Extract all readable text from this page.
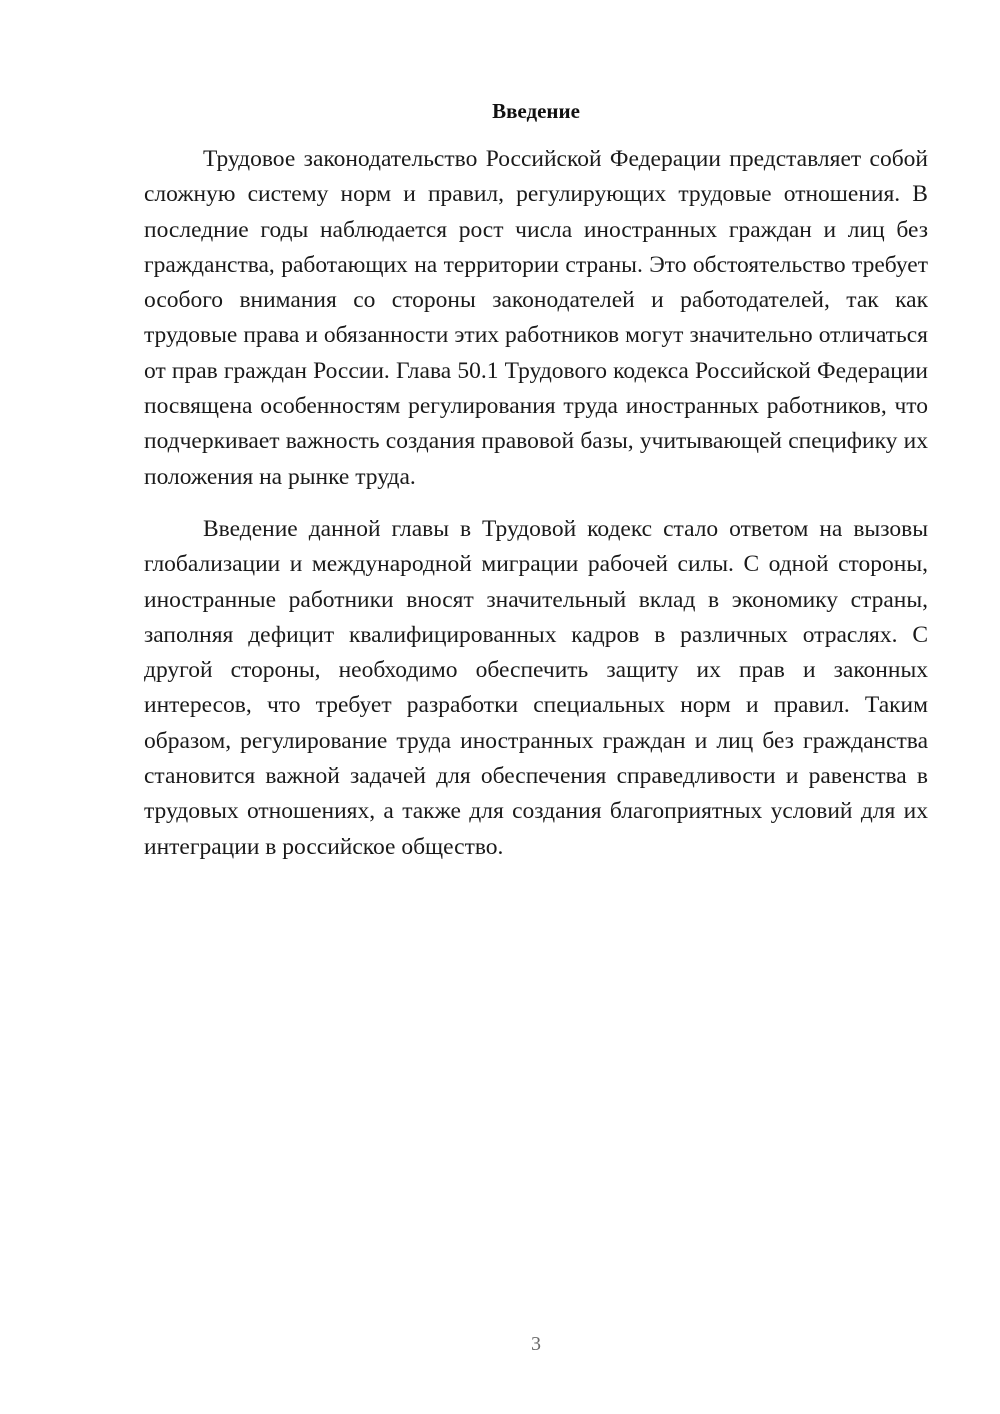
Введение

Трудовое законодательство Российской Федерации представляет собой сложную систему норм и правил, регулирующих трудовые отношения. В последние годы наблюдается рост числа иностранных граждан и лиц без гражданства, работающих на территории страны. Это обстоятельство требует особого внимания со стороны законодателей и работодателей, так как трудовые права и обязанности этих работников могут значительно отличаться от прав граждан России. Глава 50.1 Трудового кодекса Российской Федерации посвящена особенностям регулирования труда иностранных работников, что подчеркивает важность создания правовой базы, учитывающей специфику их положения на рынке труда.

Введение данной главы в Трудовой кодекс стало ответом на вызовы глобализации и международной миграции рабочей силы. С одной стороны, иностранные работники вносят значительный вклад в экономику страны, заполняя дефицит квалифицированных кадров в различных отраслях. С другой стороны, необходимо обеспечить защиту их прав и законных интересов, что требует разработки специальных норм и правил. Таким образом, регулирование труда иностранных граждан и лиц без гражданства становится важной задачей для обеспечения справедливости и равенства в трудовых отношениях, а также для создания благоприятных условий для их интеграции в российское общество.

3
